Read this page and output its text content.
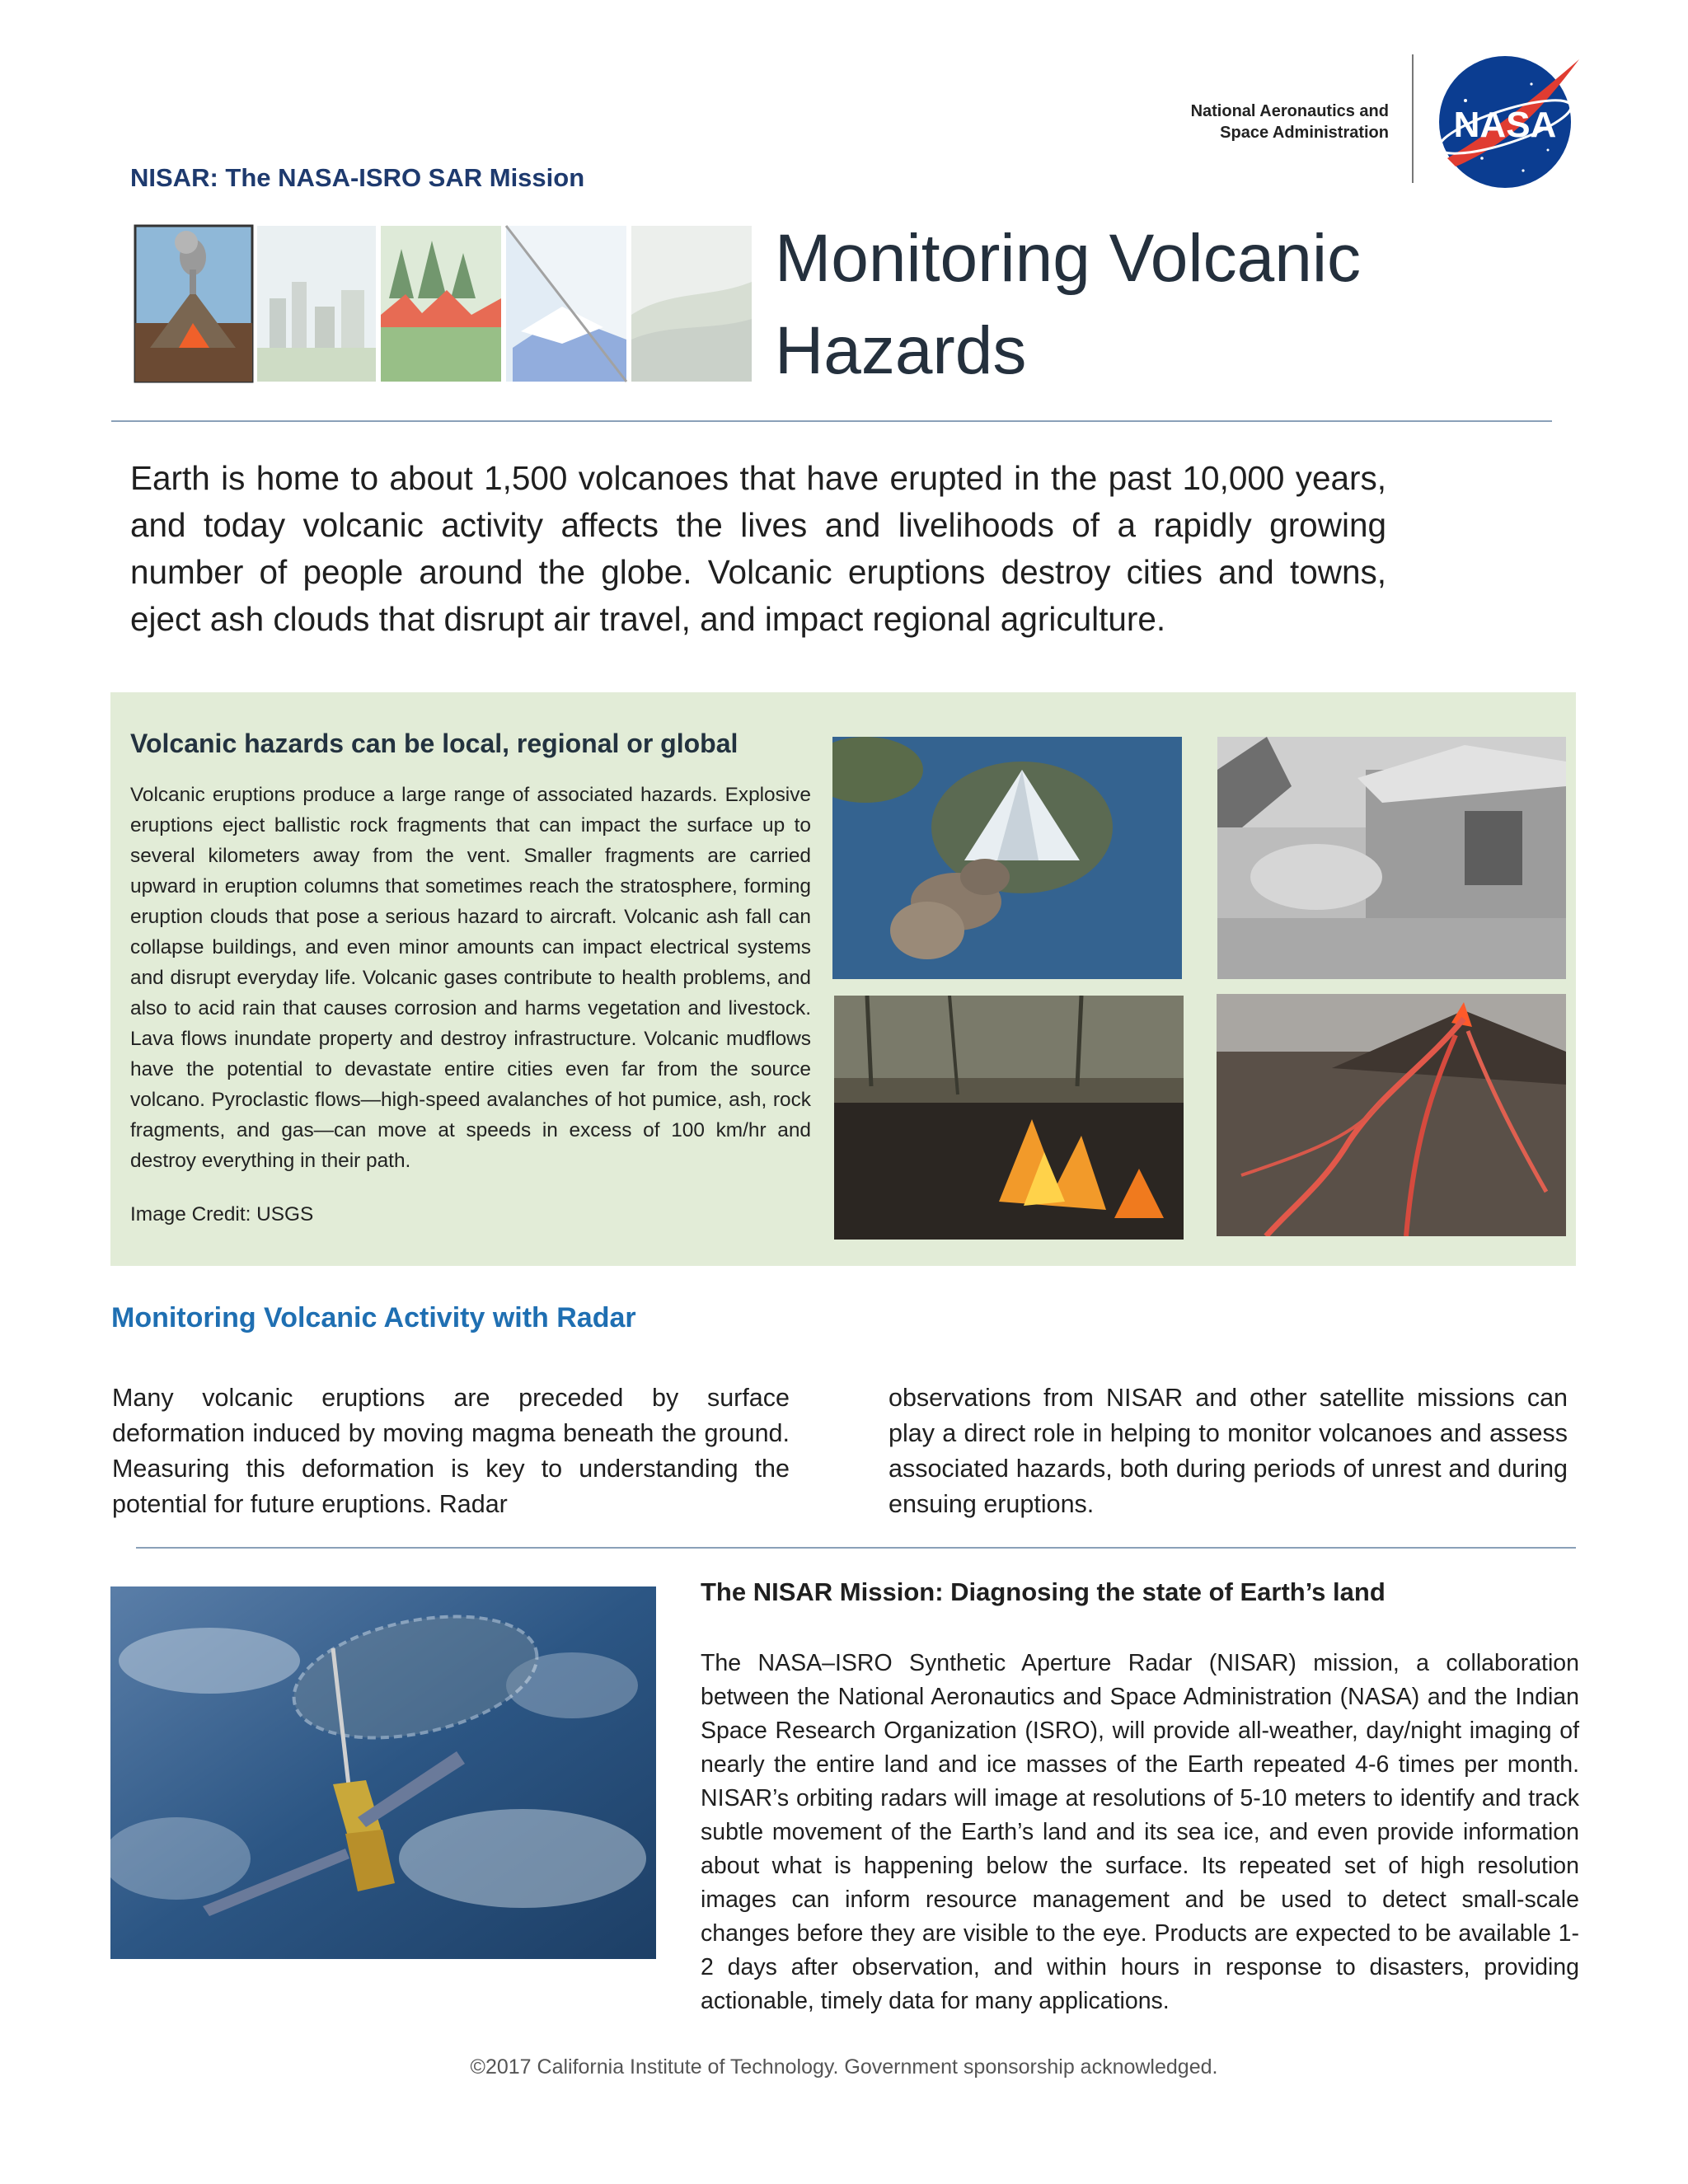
National Aeronautics and
Space Administration NASA
NISAR: The NASA-ISRO SAR Mission
Monitoring Volcanic
Hazards
Earth is home to about 1,500 volcanoes that have erupted in the past 10,000 years, and today volcanic activity affects the lives and livelihoods of a rapidly growing number of people around the globe. Volcanic eruptions destroy cities and towns, eject ash clouds that disrupt air travel, and impact regional agriculture.
Volcanic hazards can be local, regional or global
Volcanic eruptions produce a large range of associated hazards. Explosive eruptions eject ballistic rock fragments that can impact the surface up to several kilometers away from the vent. Smaller fragments are carried upward in eruption columns that sometimes reach the stratosphere, forming eruption clouds that pose a serious hazard to aircraft. Volcanic ash fall can collapse buildings, and even minor amounts can impact electrical systems and disrupt everyday life. Volcanic gases contribute to health problems, and also to acid rain that causes corrosion and harms vegetation and livestock. Lava flows inundate property and destroy infrastructure. Volcanic mudflows have the potential to devastate entire cities even far from the source volcano. Pyroclastic flows—high-speed avalanches of hot pumice, ash, rock fragments, and gas—can move at speeds in excess of 100 km/hr and destroy everything in their path.
Image Credit: USGS
Monitoring Volcanic Activity with Radar
Many volcanic eruptions are preceded by surface deformation induced by moving magma beneath the ground. Measuring this deformation is key to understanding the potential for future eruptions. Radar
observations from NISAR and other satellite missions can play a direct role in helping to monitor volcanoes and assess associated hazards, both during periods of unrest and during ensuing eruptions.
The NISAR Mission: Diagnosing the state of Earth’s land
The NASA–ISRO Synthetic Aperture Radar (NISAR) mission, a collaboration between the National Aeronautics and Space Administration (NASA) and the Indian Space Research Organization (ISRO), will provide all-weather, day/night imaging of nearly the entire land and ice masses of the Earth repeated 4-6 times per month. NISAR’s orbiting radars will image at resolutions of 5-10 meters to identify and track subtle movement of the Earth’s land and its sea ice, and even provide information about what is happening below the surface. Its repeated set of high resolution images can inform resource management and be used to detect small-scale changes before they are visible to the eye. Products are expected to be available 1-2 days after observation, and within hours in response to disasters, providing actionable, timely data for many applications.
©2017 California Institute of Technology. Government sponsorship acknowledged.
